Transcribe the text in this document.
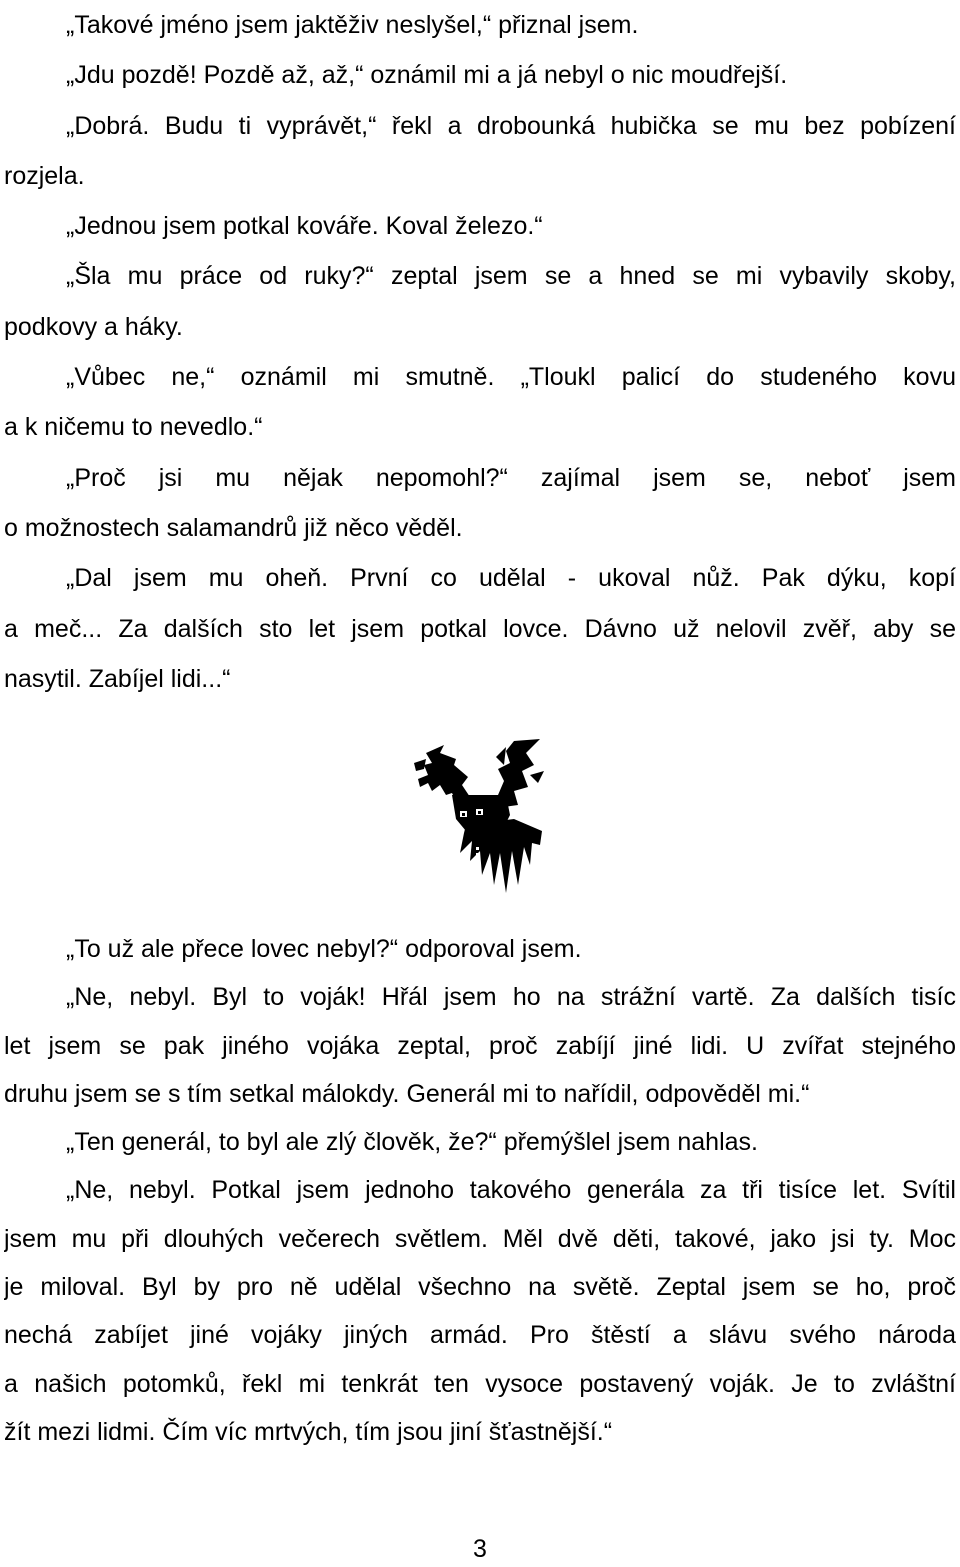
„Takové jméno jsem jaktěživ neslyšel,“ přiznal jsem.
„Jdu pozdě! Pozdě až, až,“ oznámil mi a já nebyl o nic moudřejší.
„Dobrá. Budu ti vyprávět,“ řekl a drobounká hubička se mu bez pobízení
rozjela.
„Jednou jsem potkal kováře. Koval železo.“
„Šla mu práce od ruky?“ zeptal jsem se a hned se mi vybavily skoby,
podkovy a háky.
„Vůbec ne,“ oznámil mi smutně. „Tloukl palicí do studeného kovu
a k ničemu to nevedlo.“
„Proč jsi mu nějak nepomohl?“ zajímal jsem se, neboť jsem
o možnostech salamandrů již něco věděl.
„Dal jsem mu oheň. První co udělal - ukoval nůž. Pak dýku, kopí
a meč... Za dalších sto let jsem potkal lovce. Dávno už nelovil zvěř, aby se
nasytil. Zabíjel lidi...“
„To už ale přece lovec nebyl?“ odporoval jsem.
„Ne, nebyl. Byl to voják! Hřál jsem ho na strážní vartě. Za dalších tisíc
let jsem se pak jiného vojáka zeptal, proč zabíjí jiné lidi. U zvířat stejného
druhu jsem se s tím setkal málokdy. Generál mi to nařídil, odpověděl mi.“
„Ten generál, to byl ale zlý člověk, že?“ přemýšlel jsem nahlas.
„Ne, nebyl. Potkal jsem jednoho takového generála za tři tisíce let. Svítil
jsem mu při dlouhých večerech světlem. Měl dvě děti, takové, jako jsi ty. Moc
je miloval. Byl by pro ně udělal všechno na světě. Zeptal jsem se ho, proč
nechá zabíjet jiné vojáky jiných armád. Pro štěstí a slávu svého národa
a našich potomků, řekl mi tenkrát ten vysoce postavený voják. Je to zvláštní
žít mezi lidmi. Čím víc mrtvých, tím jsou jiní šťastnější.“
3
